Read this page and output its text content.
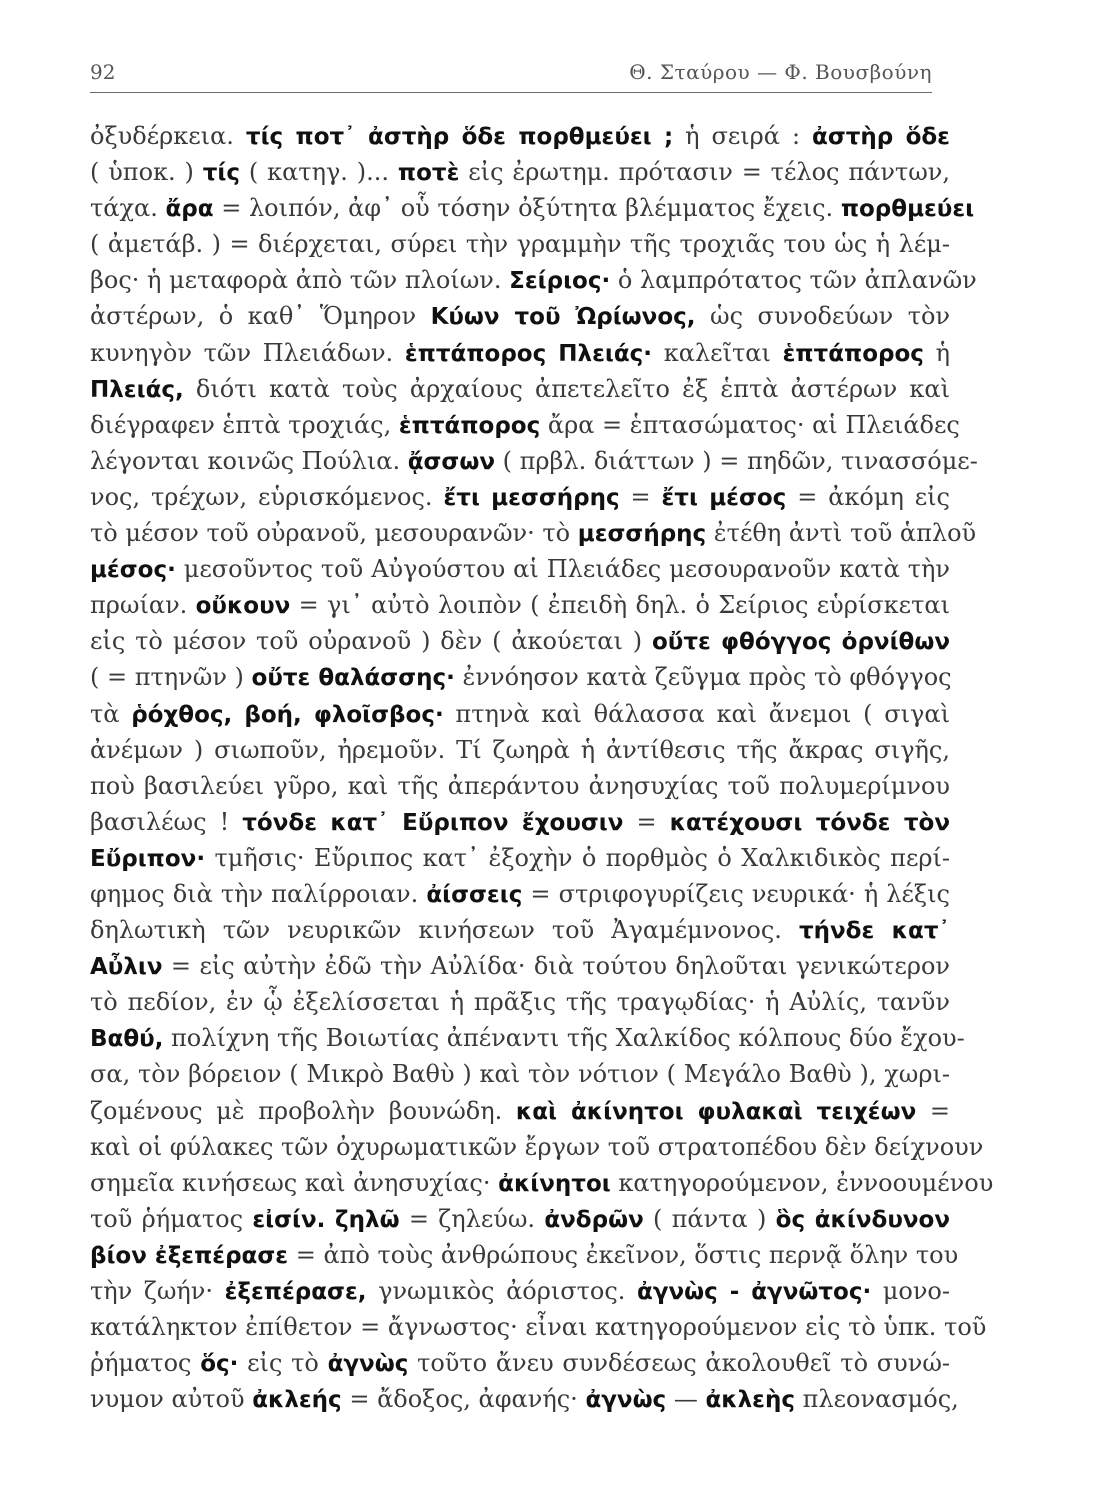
92	Θ. Σταύρου — Φ. Βουσβούνη
ὀξυδέρκεια. τίς ποτ᾽ ἀστὴρ ὅδε πορθμεύει ; ἡ σειρά : ἀστὴρ ὅδε
( ὑποκ. ) τίς ( κατηγ. )... ποτὲ εἰς ἐρωτημ. πρότασιν = τέλος πάντων,
τάχα. ἄρα = λοιπόν, ἀφ᾽ οὗ τόσην ὀξύτητα βλέμματος ἔχεις. πορθμεύει
( ἀμετάβ. ) = διέρχεται, σύρει τὴν γραμμὴν τῆς τροχιᾶς του ὡς ἡ λέμ-
βος· ἡ μεταφορὰ ἀπὸ τῶν πλοίων. Σείριος· ὁ λαμπρότατος τῶν ἀπλανῶν
ἀστέρων, ὁ καθ᾽ Ὅμηρον Κύων τοῦ Ὠρίωνος, ὡς συνοδεύων τὸν
κυνηγὸν τῶν Πλειάδων. ἑπτάπορος Πλειάς· καλεῖται ἑπτάπορος ἡ
Πλειάς, διότι κατὰ τοὺς ἀρχαίους ἀπετελεῖτο ἐξ ἑπτὰ ἀστέρων καὶ
διέγραφεν ἑπτὰ τροχιάς, ἑπτάπορος ἄρα = ἑπτασώματος· αἱ Πλειάδες
λέγονται κοινῶς Πούλια. ᾄσσων ( πρβλ. διάττων ) = πηδῶν, τινασσόμε-
νος, τρέχων, εὑρισκόμενος. ἔτι μεσσήρης = ἔτι μέσος = ἀκόμη εἰς
τὸ μέσον τοῦ οὐρανοῦ, μεσουρανῶν· τὸ μεσσήρης ἐτέθη ἀντὶ τοῦ ἁπλοῦ
μέσος· μεσοῦντος τοῦ Αὐγούστου αἱ Πλειάδες μεσουρανοῦν κατὰ τὴν
πρωίαν. οὔκουν = γι᾽ αὐτὸ λοιπὸν ( ἐπειδὴ δηλ. ὁ Σείριος εὑρίσκεται
εἰς τὸ μέσον τοῦ οὐρανοῦ ) δὲν ( ἀκούεται ) οὔτε φθόγγος ὀρνίθων
( = πτηνῶν ) οὔτε θαλάσσης· ἐννόησον κατὰ ζεῦγμα πρὸς τὸ φθόγγος
τὰ ῥόχθος, βοή, φλοῖσβος· πτηνὰ καὶ θάλασσα καὶ ἄνεμοι ( σιγαὶ
ἀνέμων ) σιωποῦν, ἠρεμοῦν. Τί ζωηρὰ ἡ ἀντίθεσις τῆς ἄκρας σιγῆς,
ποὺ βασιλεύει γῦρο, καὶ τῆς ἀπεράντου ἀνησυχίας τοῦ πολυμερίμνου
βασιλέως ! τόνδε κατ᾽ Εὔριπον ἔχουσιν = κατέχουσι τόνδε τὸν
Εὔριπον· τμῆσις· Εὔριπος κατ᾽ ἐξοχὴν ὁ πορθμὸς ὁ Χαλκιδικὸς περί-
φημος διὰ τὴν παλίρροιαν. ἀίσσεις = στριφογυρίζεις νευρικά· ἡ λέξις
δηλωτικὴ τῶν νευρικῶν κινήσεων τοῦ Ἀγαμέμνονος. τήνδε κατ᾽
Αὖλιν = εἰς αὐτὴν ἐδῶ τὴν Αὐλίδα· διὰ τούτου δηλοῦται γενικώτερον
τὸ πεδίον, ἐν ᾧ ἐξελίσσεται ἡ πρᾶξις τῆς τραγῳδίας· ἡ Αὐλίς, τανῦν
Βαθύ, πολίχνη τῆς Βοιωτίας ἀπέναντι τῆς Χαλκίδος κόλπους δύο ἔχου-
σα, τὸν βόρειον ( Μικρὸ Βαθὺ ) καὶ τὸν νότιον ( Μεγάλο Βαθὺ ), χωρι-
ζομένους μὲ προβολὴν βουνώδη. καὶ ἀκίνητοι φυλακαὶ τειχέων =
καὶ οἱ φύλακες τῶν ὀχυρωματικῶν ἔργων τοῦ στρατοπέδου δὲν δείχνουν
σημεῖα κινήσεως καὶ ἀνησυχίας· ἀκίνητοι κατηγορούμενον, ἐννοουμένου
τοῦ ῥήματος εἰσίν. ζηλῶ = ζηλεύω. ἀνδρῶν ( πάντα ) ὃς ἀκίνδυνον
βίον ἐξεπέρασε = ἀπὸ τοὺς ἀνθρώπους ἐκεῖνον, ὅστις περνᾷ ὅλην του
τὴν ζωήν· ἐξεπέρασε, γνωμικὸς ἀόριστος. ἀγνὼς - ἀγνῶτος· μονο-
κατάληκτον ἐπίθετον = ἄγνωστος· εἶναι κατηγορούμενον εἰς τὸ ὑπκ. τοῦ
ῥήματος ὅς· εἰς τὸ ἀγνὼς τοῦτο ἄνευ συνδέσεως ἀκολουθεῖ τὸ συνώ-
νυμον αὐτοῦ ἀκλεής = ἄδοξος, ἀφανής· ἀγνὼς — ἀκλεὴς πλεονασμός,
